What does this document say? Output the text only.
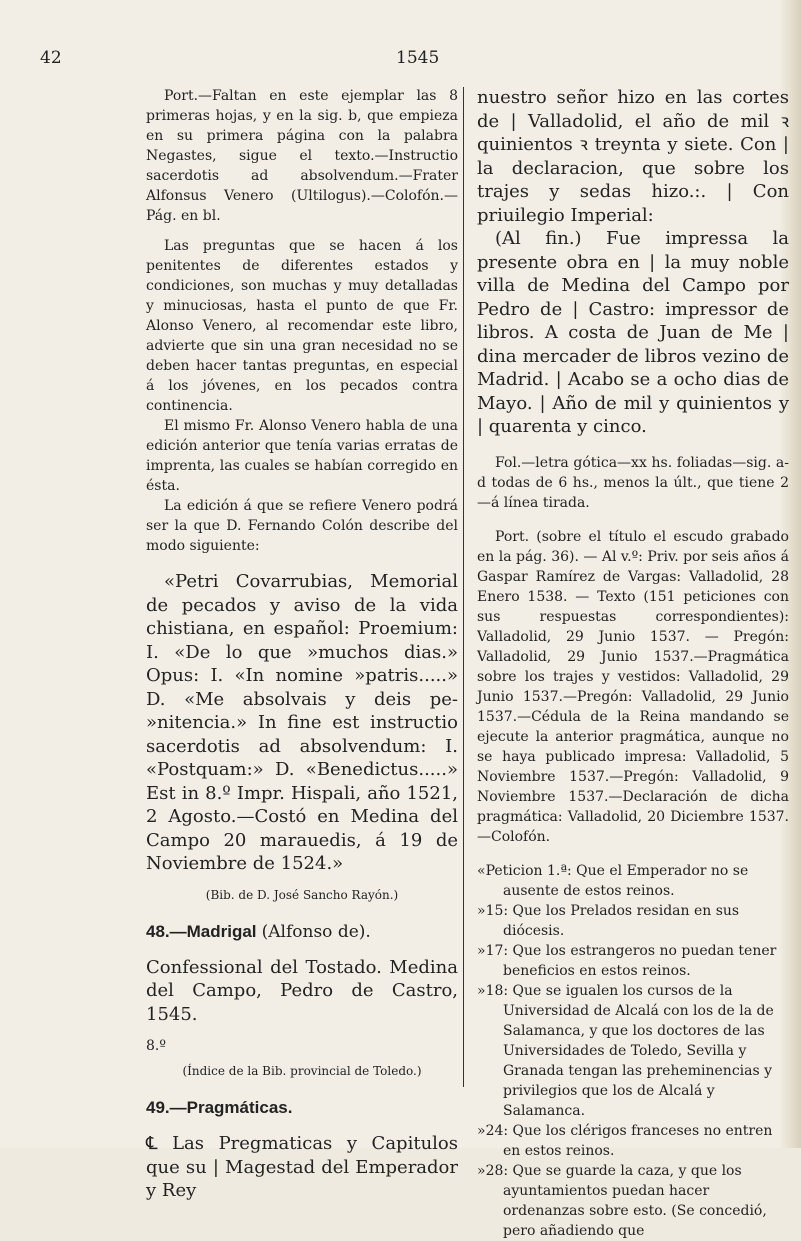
42	1545

Port.—Faltan en este ejemplar las 8 primeras hojas, y en la sig. b, que empieza en su primera página con la palabra Negastes, sigue el texto.—Instructio sacerdotis ad absolvendum.—Frater Alfonsus Venero (Ultilogus).—Colofón.—Pág. en bl.

Las preguntas que se hacen á los penitentes de diferentes estados y condiciones, son muchas y muy detalladas y minuciosas, hasta el punto de que Fr. Alonso Venero, al recomendar este libro, advierte que sin una gran necesidad no se deben hacer tantas preguntas, en especial á los jóvenes, en los pecados contra continencia.

El mismo Fr. Alonso Venero habla de una edición anterior que tenía varias erratas de imprenta, las cuales se habían corregido en ésta.

La edición á que se refiere Venero podrá ser la que D. Fernando Colón describe del modo siguiente:

«Petri Covarrubias, Memorial de pecados y aviso de la vida chistiana, en español: Proemium: I. «De lo que »muchos dias.» Opus: I. «In nomine »patris.....» D. «Me absolvais y deis pe- »nitencia.» In fine est instructio sacerdotis ad absolvendum: I. «Postquam:» D. «Benedictus.....» Est in 8.º Impr. Hispali, año 1521, 2 Agosto.—Costó en Medina del Campo 20 marauedis, á 19 de Noviembre de 1524.»

(Bib. de D. José Sancho Rayón.)

48.—Madrigal (Alfonso de).

Confessional del Tostado. Medina del Campo, Pedro de Castro, 1545.

8.º

(Índice de la Bib. provincial de Toledo.)

49.—Pragmáticas.

℄ Las Pregmaticas y Capitulos que su | Magestad del Emperador y Rey

nuestro señor hizo en las cortes de | Valladolid, el año de mil ꝛ quinientos ꝛ treynta y siete. Con | la declaracion, que sobre los trajes y sedas hizo.:. | Con priuilegio Imperial:

(Al fin.) Fue impressa la presente obra en | la muy noble villa de Medina del Campo por Pedro de | Castro: impressor de libros. A costa de Juan de Me | dina mercader de libros vezino de Madrid. | Acabo se a ocho dias de Mayo. | Año de mil y quinientos y | quarenta y cinco.

Fol.—letra gótica—xx hs. foliadas—sig. a-d todas de 6 hs., menos la últ., que tiene 2—á línea tirada.

Port. (sobre el título el escudo grabado en la pág. 36). — Al v.º: Priv. por seis años á Gaspar Ramírez de Vargas: Valladolid, 28 Enero 1538. — Texto (151 peticiones con sus respuestas correspondientes): Valladolid, 29 Junio 1537. — Pregón: Valladolid, 29 Junio 1537.—Pragmática sobre los trajes y vestidos: Valladolid, 29 Junio 1537.—Pregón: Valladolid, 29 Junio 1537.—Cédula de la Reina mandando se ejecute la anterior pragmática, aunque no se haya publicado impresa: Valladolid, 5 Noviembre 1537.—Pregón: Valladolid, 9 Noviembre 1537.—Declaración de dicha pragmática: Valladolid, 20 Diciembre 1537.—Colofón.

«Peticion 1.ª: Que el Emperador no se ausente de estos reinos.

»15: Que los Prelados residan en sus diócesis.

»17: Que los estrangeros no puedan tener beneficios en estos reinos.

»18: Que se igualen los cursos de la Universidad de Alcalá con los de la de Salamanca, y que los doctores de las Universidades de Toledo, Sevilla y Granada tengan las preheminencias y privilegios que los de Alcalá y Salamanca.

»24: Que los clérigos franceses no entren en estos reinos.

»28: Que se guarde la caza, y que los ayuntamientos puedan hacer ordenanzas sobre esto. (Se concedió, pero añadiendo que
